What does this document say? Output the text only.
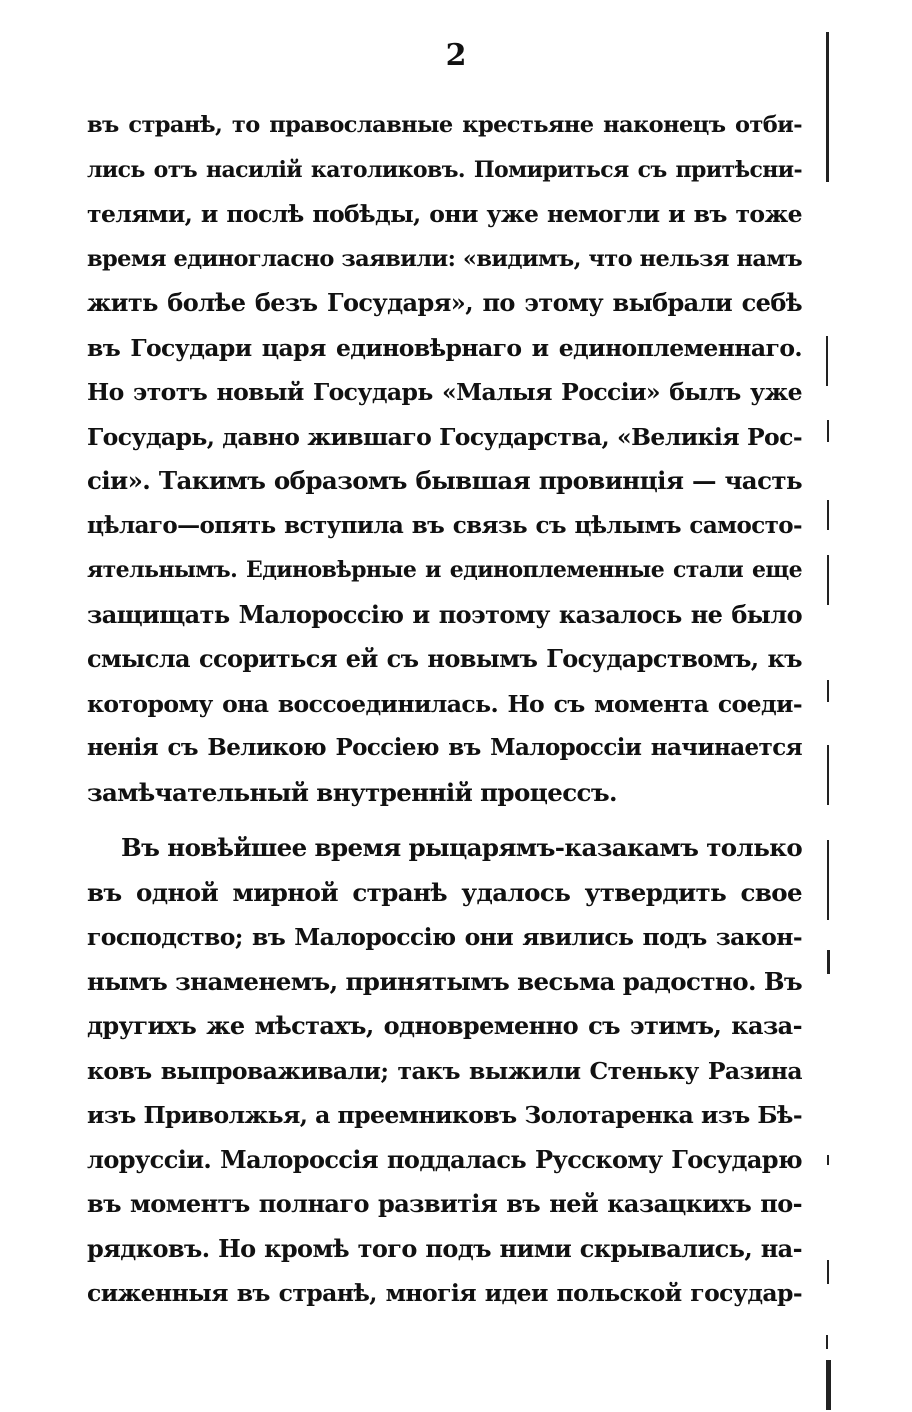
2
въ странѣ, то православные крестьяне наконецъ отби-
лись отъ насилій католиковъ. Помириться съ притѣсни-
телями, и послѣ побѣды, они уже немогли и въ тоже
время единогласно заявили: «видимъ, что нельзя намъ
жить болѣе безъ Государя», по этому выбрали себѣ
въ Государи царя единовѣрнаго и единоплеменнаго.
Но этотъ новый Государь «Малыя Россіи» былъ уже
Государь, давно жившаго Государства, «Великія Рос-
сіи». Такимъ образомъ бывшая провинція — часть
цѣлаго—опять вступила въ связь съ цѣлымъ самосто-
ятельнымъ. Единовѣрные и единоплеменные стали еще
защищать Малороссію и поэтому казалось не было
смысла ссориться ей съ новымъ Государствомъ, къ
которому она воссоединилась. Но съ момента соеди-
ненія съ Великою Россіею въ Малороссіи начинается
замѣчательный внутренній процессъ.
Въ новѣйшее время рыцарямъ-казакамъ только
въ одной мирной странѣ удалось утвердить свое
господство; въ Малороссію они явились подъ закон-
нымъ знаменемъ, принятымъ весьма радостно. Въ
другихъ же мѣстахъ, одновременно съ этимъ, каза-
ковъ выпроваживали; такъ выжили Стеньку Разина
изъ Приволжья, а преемниковъ Золотаренка изъ Бѣ-
лоруссіи. Малороссія поддалась Русскому Государю
въ моментъ полнаго развитія въ ней казацкихъ по-
рядковъ. Но кромѣ того подъ ними скрывались, на-
сиженныя въ странѣ, многія идеи польской государ-
